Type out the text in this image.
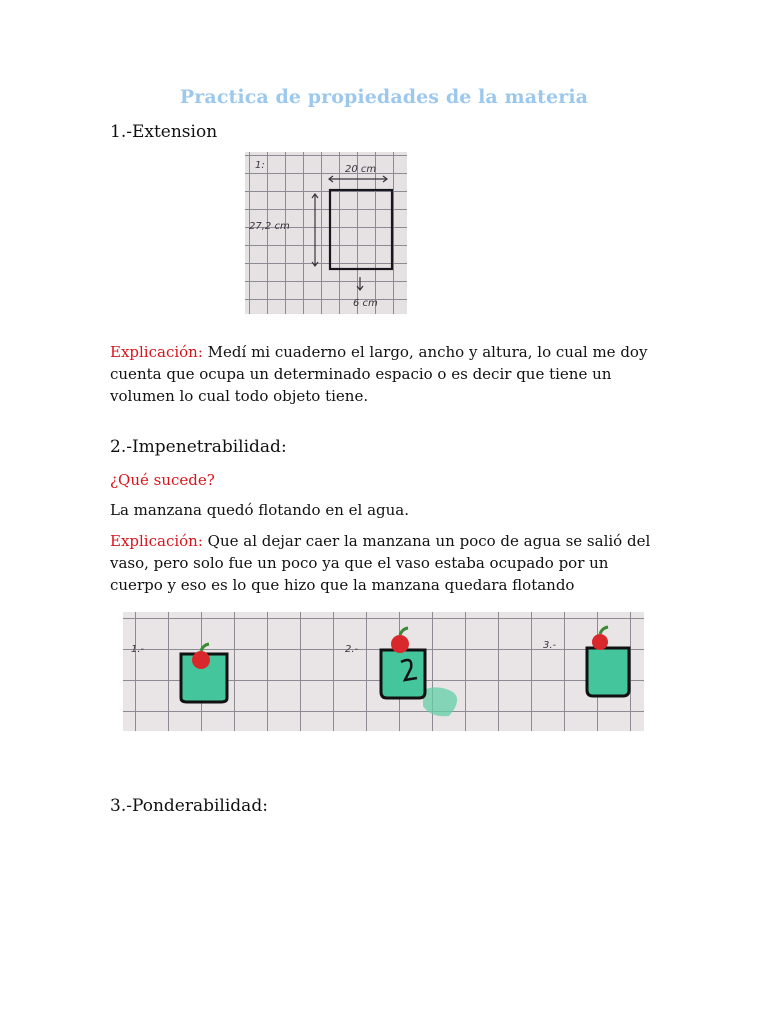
Practica de propiedades de la materia
1.-Extension
1:	20 cm
27,2 cm
6 cm
Explicación: Medí mi cuaderno el largo, ancho y altura, lo cual me doy cuenta que ocupa un determinado espacio o es decir que tiene un volumen lo cual todo objeto tiene.
2.-Impenetrabilidad:
¿Qué sucede?
La manzana quedó flotando en el agua.
Explicación: Que al dejar caer la manzana un poco de agua se salió del vaso, pero solo fue un poco ya que el vaso estaba ocupado por un cuerpo y eso es lo que hizo que la manzana quedara flotando
1.-	2.-	3.-
3.-Ponderabilidad:
